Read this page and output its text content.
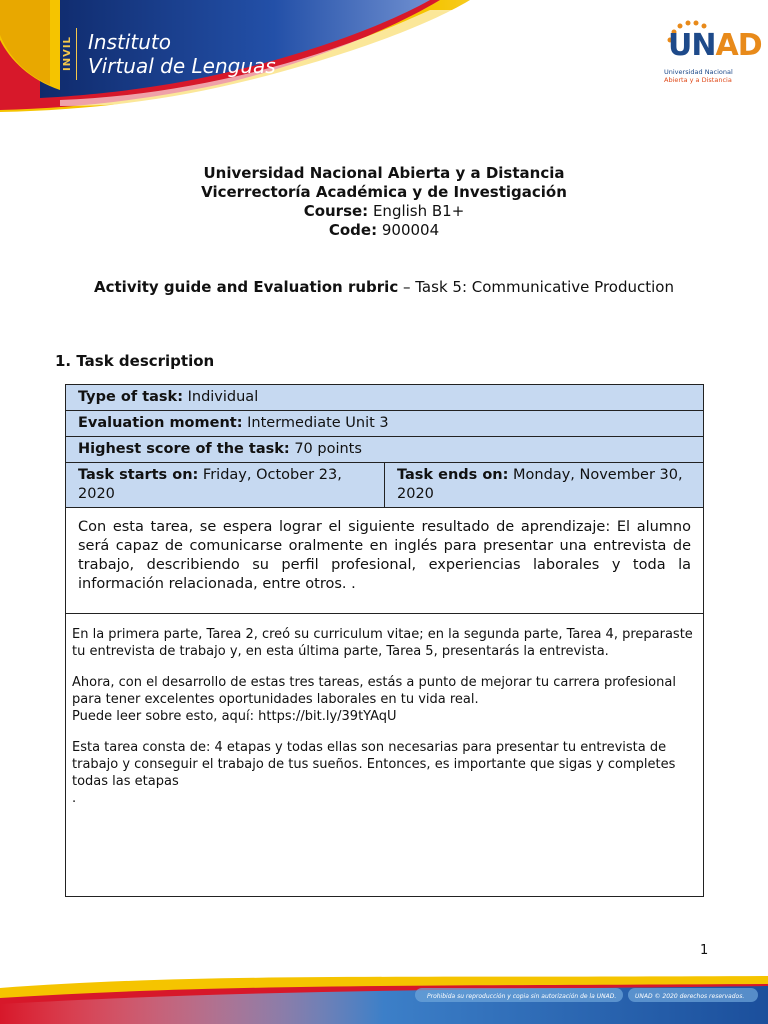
INVIL Instituto
Virtual de Lenguas
UNAD
Universidad Nacional
Abierta y a Distancia
Universidad Nacional Abierta y a Distancia
Vicerrectoría Académica y de Investigación
Course: English B1+
Code: 900004
Activity guide and Evaluation rubric – Task 5: Communicative Production
1. Task description
Type of task: Individual
Evaluation moment: Intermediate Unit 3
Highest score of the task: 70 points
Task starts on: Friday, October 23, 2020
Task ends on: Monday, November 30, 2020
Con esta tarea, se espera lograr el siguiente resultado de aprendizaje: El alumno será capaz de comunicarse oralmente en inglés para presentar una entrevista de trabajo, describiendo su perfil profesional, experiencias laborales y toda la información relacionada, entre otros. .

En la primera parte, Tarea 2, creó su curriculum vitae; en la segunda parte, Tarea 4, preparaste tu entrevista de trabajo y, en esta última parte, Tarea 5, presentarás la entrevista.

Ahora, con el desarrollo de estas tres tareas, estás a punto de mejorar tu carrera profesional para tener excelentes oportunidades laborales en tu vida real.
Puede leer sobre esto, aquí: https://bit.ly/39tYAqU

Esta tarea consta de: 4 etapas y todas ellas son necesarias para presentar tu entrevista de trabajo y conseguir el trabajo de tus sueños. Entonces, es importante que sigas y completes todas las etapas
.

1
Prohibida su reproducción y copia sin autorización de la UNAD.	UNAD © 2020 derechos reservados.
